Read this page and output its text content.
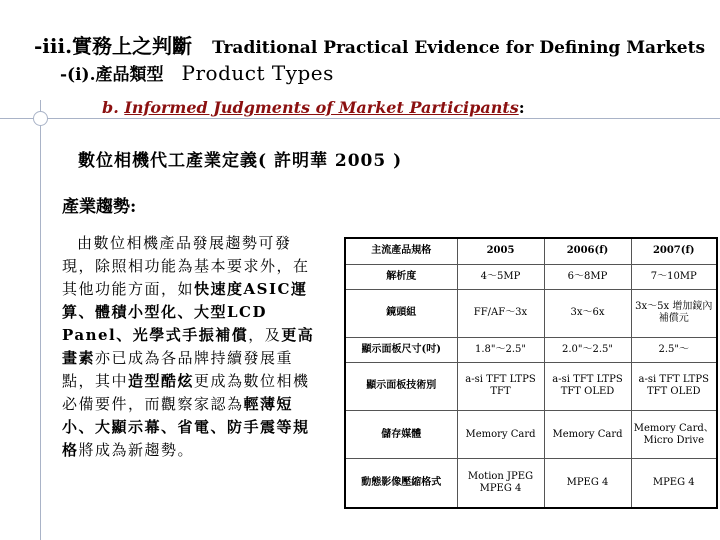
-iii.實務上之判斷 Traditional Practical Evidence for Defining Markets
-(i).產品類型 Product Types
b. Informed Judgments of Market Participants:
數位相機代工產業定義( 許明華 2005 )
產業趨勢:
由數位相機產品發展趨勢可發現，除照相功能為基本要求外，在其他功能方面，如快速度ASIC運算、體積小型化、大型LCD Panel、光學式手振補償，及更高畫素亦已成為各品牌持續發展重點，其中造型酷炫更成為數位相機必備要件，而觀察家認為輕薄短小、大顯示幕、省電、防手震等規格將成為新趨勢。
主流產品規格	2005	2006(f)	2007(f)
解析度	4～5MP	6～8MP	7～10MP
鏡頭組	FF/AF～3x	3x～6x	3x～5x 增加鏡內補償元
顯示面板尺寸(吋)	1.8"～2.5"	2.0"～2.5"	2.5"～
顯示面板技術別	a-si TFT LTPS TFT	a-si TFT LTPS TFT OLED	a-si TFT LTPS TFT OLED
儲存媒體	Memory Card	Memory Card	Memory Card、Micro Drive
動態影像壓縮格式	Motion JPEG MPEG 4	MPEG 4	MPEG 4
